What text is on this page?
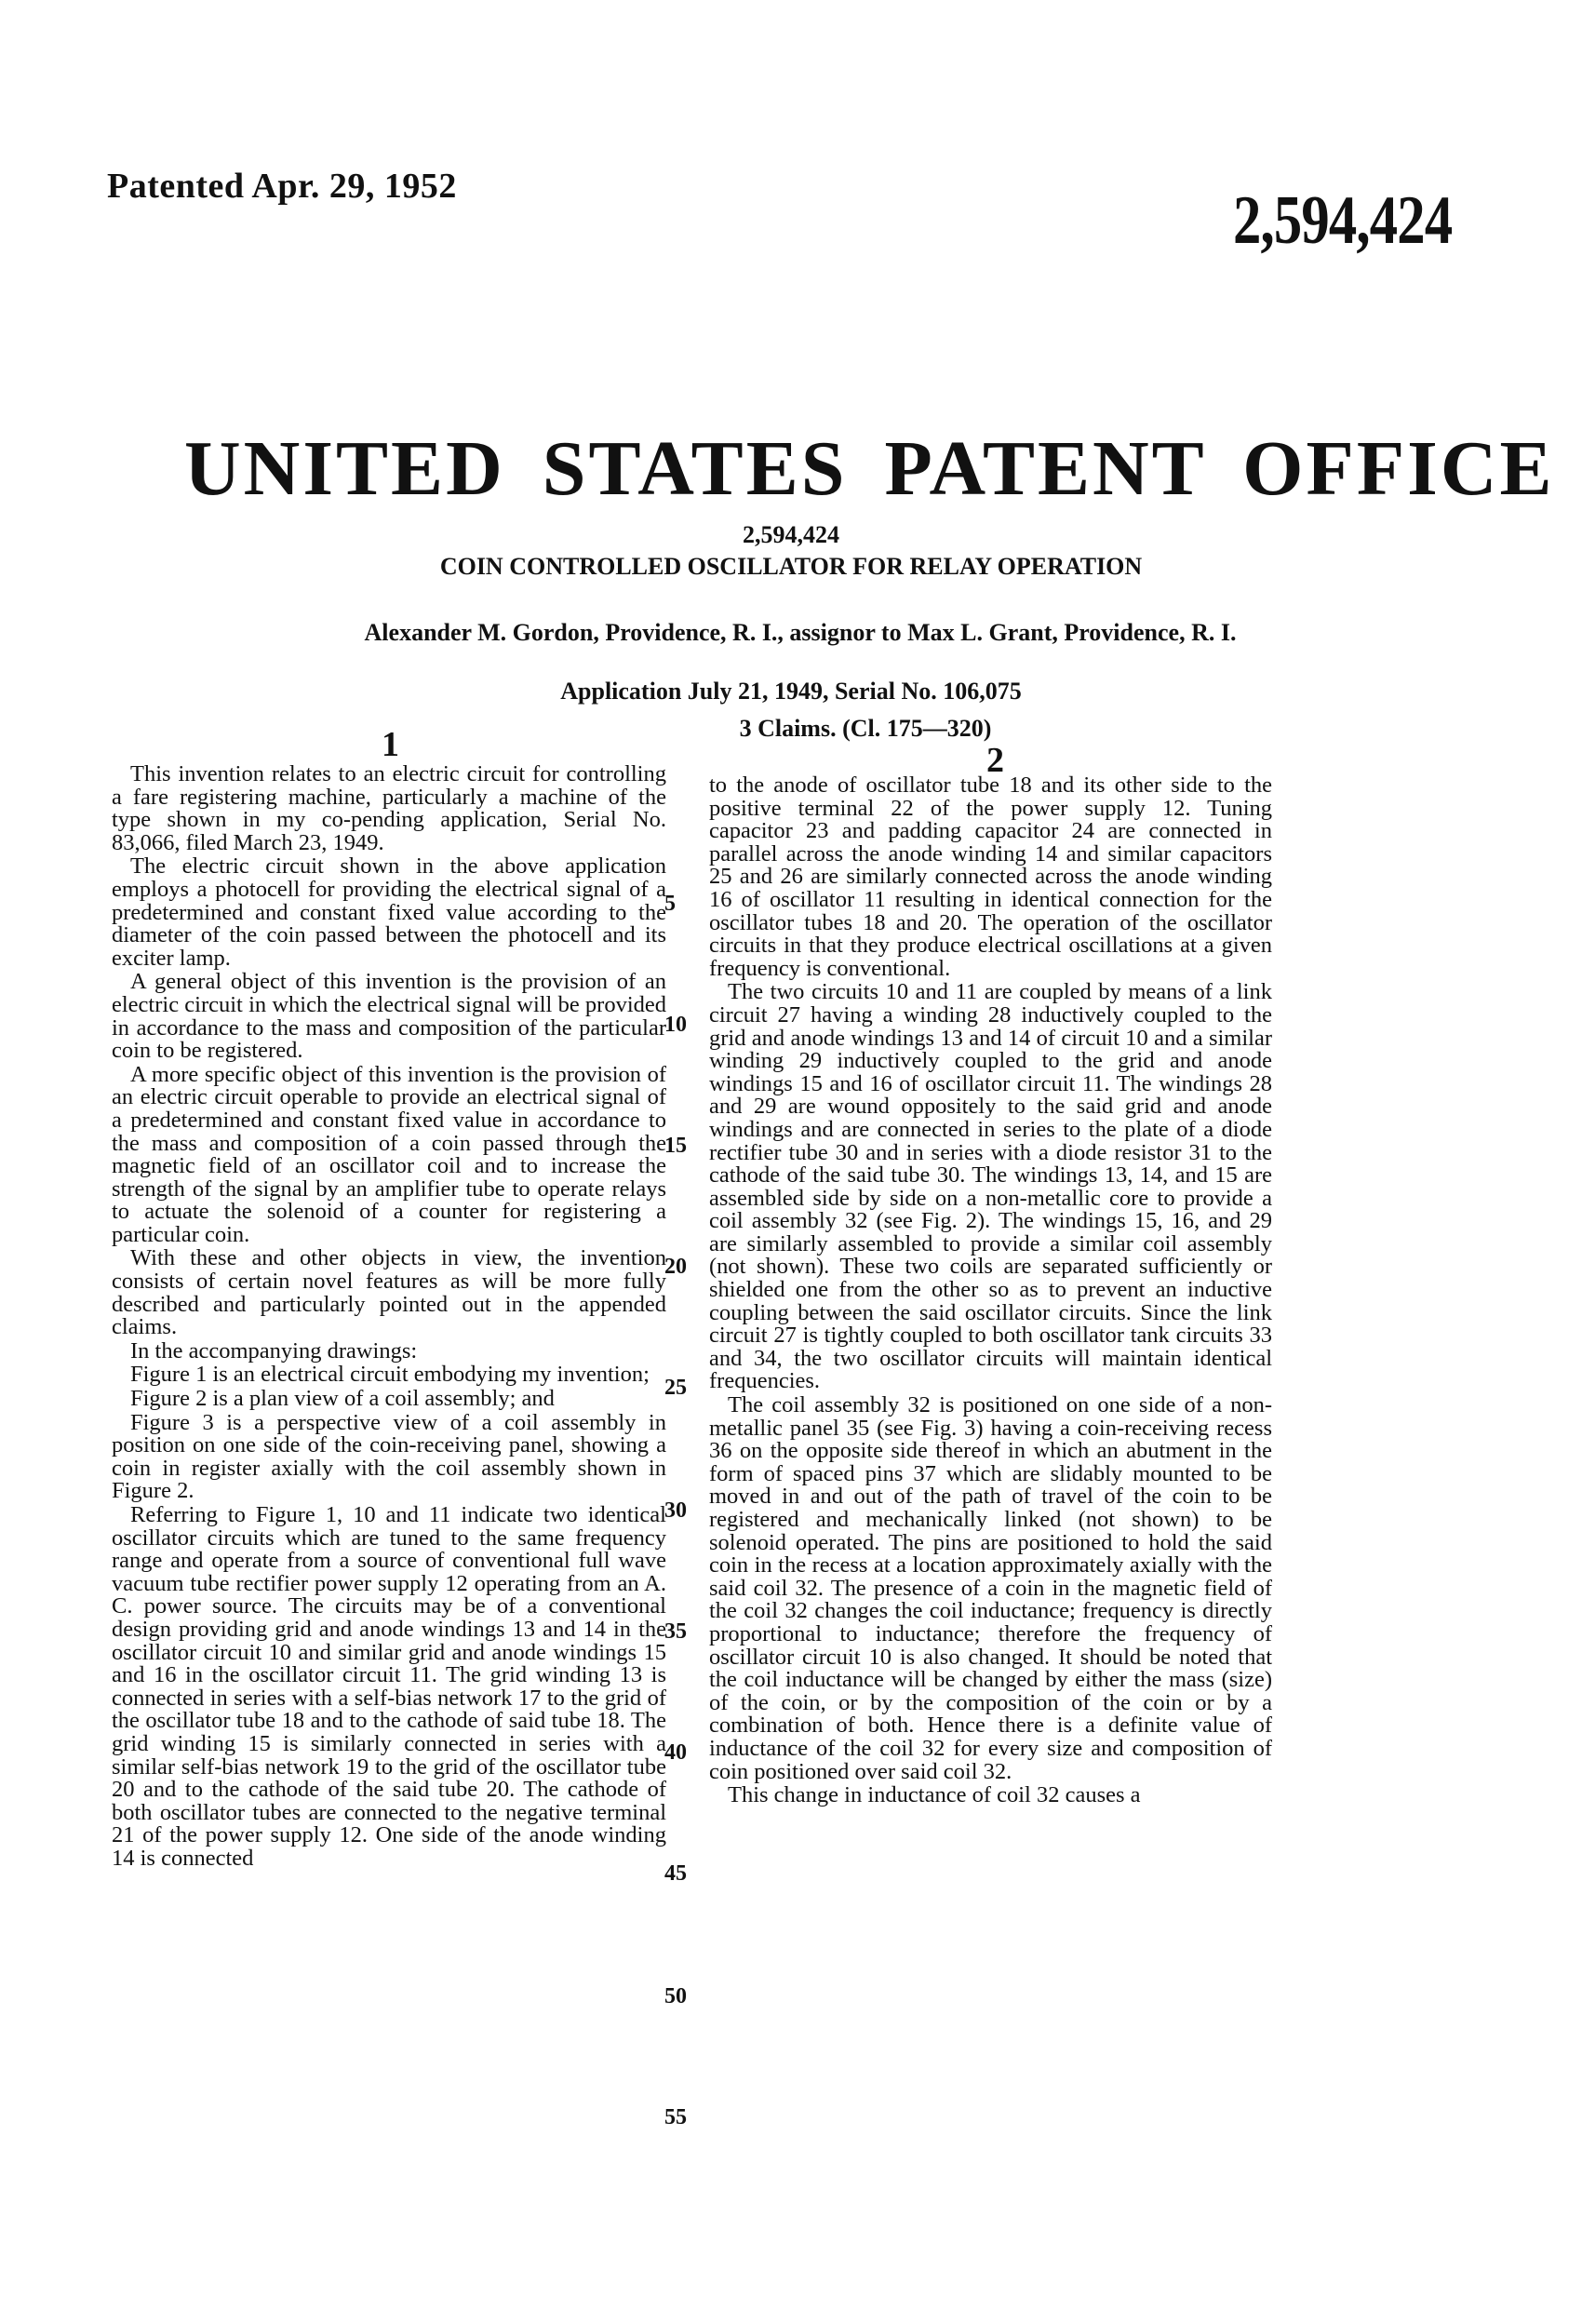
Patented Apr. 29, 1952	2,594,424
UNITED STATES PATENT OFFICE
2,594,424
COIN CONTROLLED OSCILLATOR FOR RELAY OPERATION
Alexander M. Gordon, Providence, R. I., assignor to Max L. Grant, Providence, R. I.
Application July 21, 1949, Serial No. 106,075
3 Claims. (Cl. 175—320)
1	2

This invention relates to an electric circuit for controlling a fare registering machine, particularly a machine of the type shown in my co-pending application, Serial No. 83,066, filed March 23, 1949.

The electric circuit shown in the above application employs a photocell for providing the electrical signal of a predetermined and constant fixed value according to the diameter of the coin passed between the photocell and its exciter lamp.

A general object of this invention is the provision of an electric circuit in which the electrical signal will be provided in accordance to the mass and composition of the particular coin to be registered.

A more specific object of this invention is the provision of an electric circuit operable to provide an electrical signal of a predetermined and constant fixed value in accordance to the mass and composition of a coin passed through the magnetic field of an oscillator coil and to increase the strength of the signal by an amplifier tube to operate relays to actuate the solenoid of a counter for registering a particular coin.

With these and other objects in view, the invention consists of certain novel features as will be more fully described and particularly pointed out in the appended claims.

In the accompanying drawings:

Figure 1 is an electrical circuit embodying my invention;

Figure 2 is a plan view of a coil assembly; and

Figure 3 is a perspective view of a coil assembly in position on one side of the coin-receiving panel, showing a coin in register axially with the coil assembly shown in Figure 2.

Referring to Figure 1, 10 and 11 indicate two identical oscillator circuits which are tuned to the same frequency range and operate from a source of conventional full wave vacuum tube rectifier power supply 12 operating from an A. C. power source. The circuits may be of a conventional design providing grid and anode windings 13 and 14 in the oscillator circuit 10 and similar grid and anode windings 15 and 16 in the oscillator circuit 11. The grid winding 13 is connected in series with a self-bias network 17 to the grid of the oscillator tube 18 and to the cathode of said tube 18. The grid winding 15 is similarly connected in series with a similar self-bias network 19 to the grid of the oscillator tube 20 and to the cathode of the said tube 20. The cathode of both oscillator tubes are connected to the negative terminal 21 of the power supply 12. One side of the anode winding 14 is connected

5
10
15
20
25
30
35
40
45
50
55

to the anode of oscillator tube 18 and its other side to the positive terminal 22 of the power supply 12. Tuning capacitor 23 and padding capacitor 24 are connected in parallel across the anode winding 14 and similar capacitors 25 and 26 are similarly connected across the anode winding 16 of oscillator 11 resulting in identical connection for the oscillator tubes 18 and 20. The operation of the oscillator circuits in that they produce electrical oscillations at a given frequency is conventional.

The two circuits 10 and 11 are coupled by means of a link circuit 27 having a winding 28 inductively coupled to the grid and anode windings 13 and 14 of circuit 10 and a similar winding 29 inductively coupled to the grid and anode windings 15 and 16 of oscillator circuit 11. The windings 28 and 29 are wound oppositely to the said grid and anode windings and are connected in series to the plate of a diode rectifier tube 30 and in series with a diode resistor 31 to the cathode of the said tube 30. The windings 13, 14, and 15 are assembled side by side on a non-metallic core to provide a coil assembly 32 (see Fig. 2). The windings 15, 16, and 29 are similarly assembled to provide a similar coil assembly (not shown). These two coils are separated sufficiently or shielded one from the other so as to prevent an inductive coupling between the said oscillator circuits. Since the link circuit 27 is tightly coupled to both oscillator tank circuits 33 and 34, the two oscillator circuits will maintain identical frequencies.

The coil assembly 32 is positioned on one side of a non-metallic panel 35 (see Fig. 3) having a coin-receiving recess 36 on the opposite side thereof in which an abutment in the form of spaced pins 37 which are slidably mounted to be moved in and out of the path of travel of the coin to be registered and mechanically linked (not shown) to be solenoid operated. The pins are positioned to hold the said coin in the recess at a location approximately axially with the said coil 32. The presence of a coin in the magnetic field of the coil 32 changes the coil inductance; frequency is directly proportional to inductance; therefore the frequency of oscillator circuit 10 is also changed. It should be noted that the coil inductance will be changed by either the mass (size) of the coin, or by the composition of the coin or by a combination of both. Hence there is a definite value of inductance of the coil 32 for every size and composition of coin positioned over said coil 32.

This change in inductance of coil 32 causes a
